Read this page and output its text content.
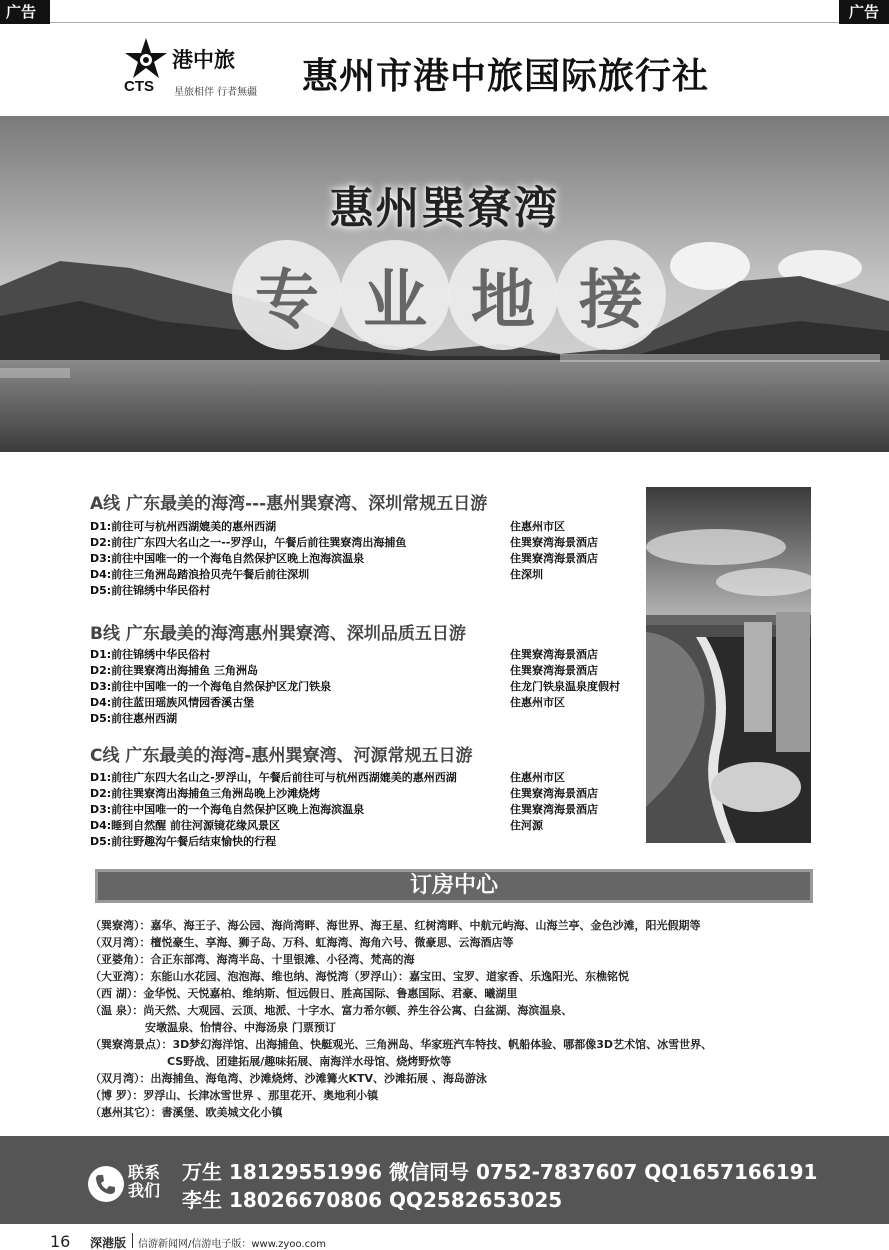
广告	广告
港中旅
CTS 星旅相伴 行者無疆 惠州市港中旅国际旅行社
惠州巽寮湾
专 业 地 接
A线 广东最美的海湾---惠州巽寮湾、深圳常规五日游
D1:前往可与杭州西湖媲美的惠州西湖	住惠州市区
D2:前往广东四大名山之一--罗浮山，午餐后前往巽寮湾出海捕鱼	住巽寮湾海景酒店
D3:前往中国唯一的一个海龟自然保护区晚上泡海滨温泉	住巽寮湾海景酒店
D4:前往三角洲岛踏浪拾贝壳午餐后前往深圳	住深圳
D5:前往锦绣中华民俗村
B线 广东最美的海湾惠州巽寮湾、深圳品质五日游
D1:前往锦绣中华民俗村	住巽寮湾海景酒店
D2:前往巽寮湾出海捕鱼 三角洲岛	住巽寮湾海景酒店
D3:前往中国唯一的一个海龟自然保护区龙门铁泉	住龙门铁泉温泉度假村
D4:前往蓝田瑶族风情园香溪古堡	住惠州市区
D5:前往惠州西湖
C线 广东最美的海湾-惠州巽寮湾、河源常规五日游
D1:前往广东四大名山之-罗浮山，午餐后前往可与杭州西湖媲美的惠州西湖	住惠州市区
D2:前往巽寮湾出海捕鱼三角洲岛晚上沙滩烧烤	住巽寮湾海景酒店
D3:前往中国唯一的一个海龟自然保护区晚上泡海滨温泉	住巽寮湾海景酒店
D4:睡到自然醒 前往河源镜花缘风景区	住河源
D5:前往野趣沟午餐后结束愉快的行程
订房中心
（巽寮湾）：嘉华、海王子、海公园、海尚湾畔、海世界、海王星、红树湾畔、中航元屿海、山海兰亭、金色沙滩，阳光假期等
（双月湾）：檀悦豪生、享海、狮子岛、万科、虹海湾、海角六号、微豪思、云海酒店等
（亚婆角）：合正东部湾、海湾半岛、十里银滩、小径湾、梵高的海
（大亚湾）：东能山水花园、泡泡海、维也纳、海悦湾（罗浮山）：嘉宝田、宝罗、道家香、乐逸阳光、东樵铭悦
（西 湖）：金华悦、天悦嘉柏、维纳斯、恒远假日、胜高国际、鲁惠国际、君豪、曦湖里
（温 泉）：尚天然、大观园、云顶、地派、十字水、富力希尔顿、养生谷公寓、白盆湖、海滨温泉、
　　　　　安墩温泉、怡情谷、中海汤泉 门票预订
（巽寮湾景点）：3D梦幻海洋馆、出海捕鱼、快艇观光、三角洲岛、华家班汽车特技、帆船体验、哪都像3D艺术馆、冰雪世界、
　　　　　　　CS野战、团建拓展/趣味拓展、南海洋水母馆、烧烤野炊等
（双月湾）：出海捕鱼、海龟湾、沙滩烧烤、沙滩篝火KTV、沙滩拓展 、海岛游泳
（博 罗）：罗浮山、长津冰雪世界 、那里花开、奥地利小镇
（惠州其它）：書溪堡、欧美城文化小镇
联系
我们
万生 18129551996 微信同号 0752-7837607 QQ1657166191
李生 18026670806 QQ2582653025
16 深港版 信游新闻网/信游电子版：www.zyoo.com
